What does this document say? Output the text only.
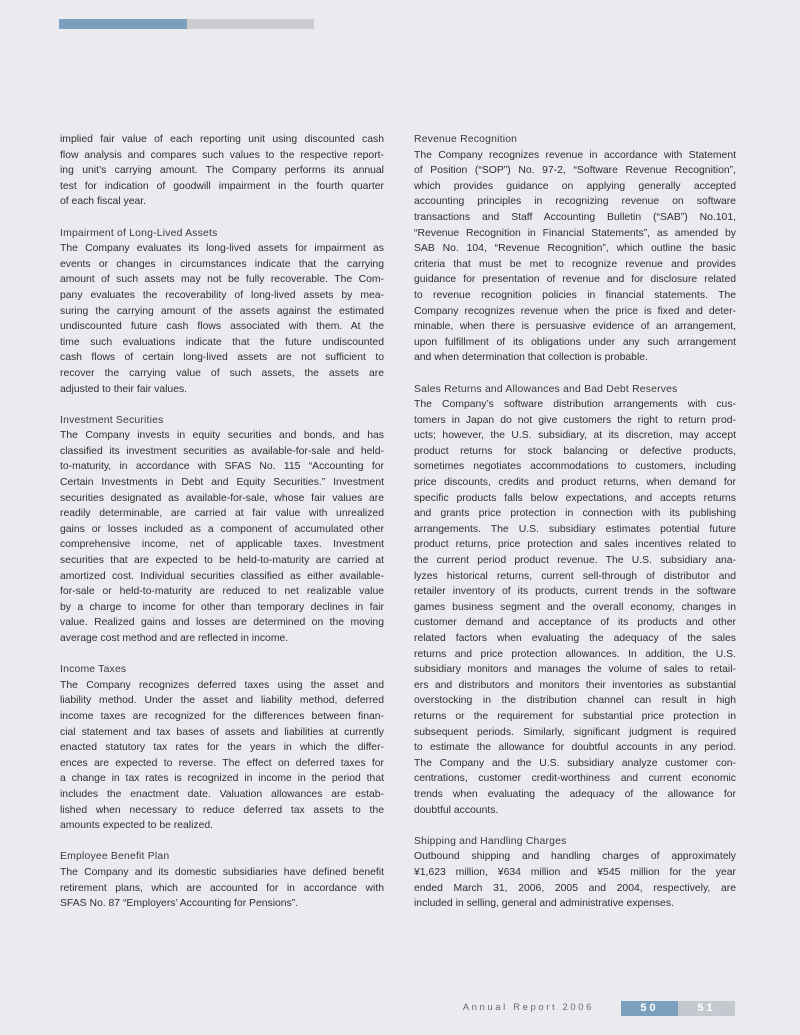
implied fair value of each reporting unit using discounted cash
flow analysis and compares such values to the respective report-
ing unit’s carrying amount. The Company performs its annual
test for indication of goodwill impairment in the fourth quarter
of each fiscal year.
Impairment of Long-Lived Assets
The Company evaluates its long-lived assets for impairment as
events or changes in circumstances indicate that the carrying
amount of such assets may not be fully recoverable. The Com-
pany evaluates the recoverability of long-lived assets by mea-
suring the carrying amount of the assets against the estimated
undiscounted future cash flows associated with them. At the
time such evaluations indicate that the future undiscounted
cash flows of certain long-lived assets are not sufficient to
recover the carrying value of such assets, the assets are
adjusted to their fair values.
Investment Securities
The Company invests in equity securities and bonds, and has
classified its investment securities as available-for-sale and held-
to-maturity, in accordance with SFAS No. 115 “Accounting for
Certain Investments in Debt and Equity Securities.” Investment
securities designated as available-for-sale, whose fair values are
readily determinable, are carried at fair value with unrealized
gains or losses included as a component of accumulated other
comprehensive income, net of applicable taxes. Investment
securities that are expected to be held-to-maturity are carried at
amortized cost. Individual securities classified as either available-
for-sale or held-to-maturity are reduced to net realizable value
by a charge to income for other than temporary declines in fair
value. Realized gains and losses are determined on the moving
average cost method and are reflected in income.
Income Taxes
The Company recognizes deferred taxes using the asset and
liability method. Under the asset and liability method, deferred
income taxes are recognized for the differences between finan-
cial statement and tax bases of assets and liabilities at currently
enacted statutory tax rates for the years in which the differ-
ences are expected to reverse. The effect on deferred taxes for
a change in tax rates is recognized in income in the period that
includes the enactment date. Valuation allowances are estab-
lished when necessary to reduce deferred tax assets to the
amounts expected to be realized.
Employee Benefit Plan
The Company and its domestic subsidiaries have defined benefit
retirement plans, which are accounted for in accordance with
SFAS No. 87 “Employers’ Accounting for Pensions”.
Revenue Recognition
The Company recognizes revenue in accordance with Statement
of Position (“SOP”) No. 97-2, “Software Revenue Recognition”,
which provides guidance on applying generally accepted
accounting principles in recognizing revenue on software
transactions and Staff Accounting Bulletin (“SAB”) No.101,
“Revenue Recognition in Financial Statements”, as amended by
SAB No. 104, “Revenue Recognition”, which outline the basic
criteria that must be met to recognize revenue and provides
guidance for presentation of revenue and for disclosure related
to revenue recognition policies in financial statements. The
Company recognizes revenue when the price is fixed and deter-
minable, when there is persuasive evidence of an arrangement,
upon fulfillment of its obligations under any such arrangement
and when determination that collection is probable.
Sales Returns and Allowances and Bad Debt Reserves
The Company’s software distribution arrangements with cus-
tomers in Japan do not give customers the right to return prod-
ucts; however, the U.S. subsidiary, at its discretion, may accept
product returns for stock balancing or defective products,
sometimes negotiates accommodations to customers, including
price discounts, credits and product returns, when demand for
specific products falls below expectations, and accepts returns
and grants price protection in connection with its publishing
arrangements. The U.S. subsidiary estimates potential future
product returns, price protection and sales incentives related to
the current period product revenue. The U.S. subsidiary ana-
lyzes historical returns, current sell-through of distributor and
retailer inventory of its products, current trends in the software
games business segment and the overall economy, changes in
customer demand and acceptance of its products and other
related factors when evaluating the adequacy of the sales
returns and price protection allowances. In addition, the U.S.
subsidiary monitors and manages the volume of sales to retail-
ers and distributors and monitors their inventories as substantial
overstocking in the distribution channel can result in high
returns or the requirement for substantial price protection in
subsequent periods. Similarly, significant judgment is required
to estimate the allowance for doubtful accounts in any period.
The Company and the U.S. subsidiary analyze customer con-
centrations, customer credit-worthiness and current economic
trends when evaluating the adequacy of the allowance for
doubtful accounts.
Shipping and Handling Charges
Outbound shipping and handling charges of approximately
¥1,623 million, ¥634 million and ¥545 million for the year
ended March 31, 2006, 2005 and 2004, respectively, are
included in selling, general and administrative expenses.
Annual Report 2006	50	51
